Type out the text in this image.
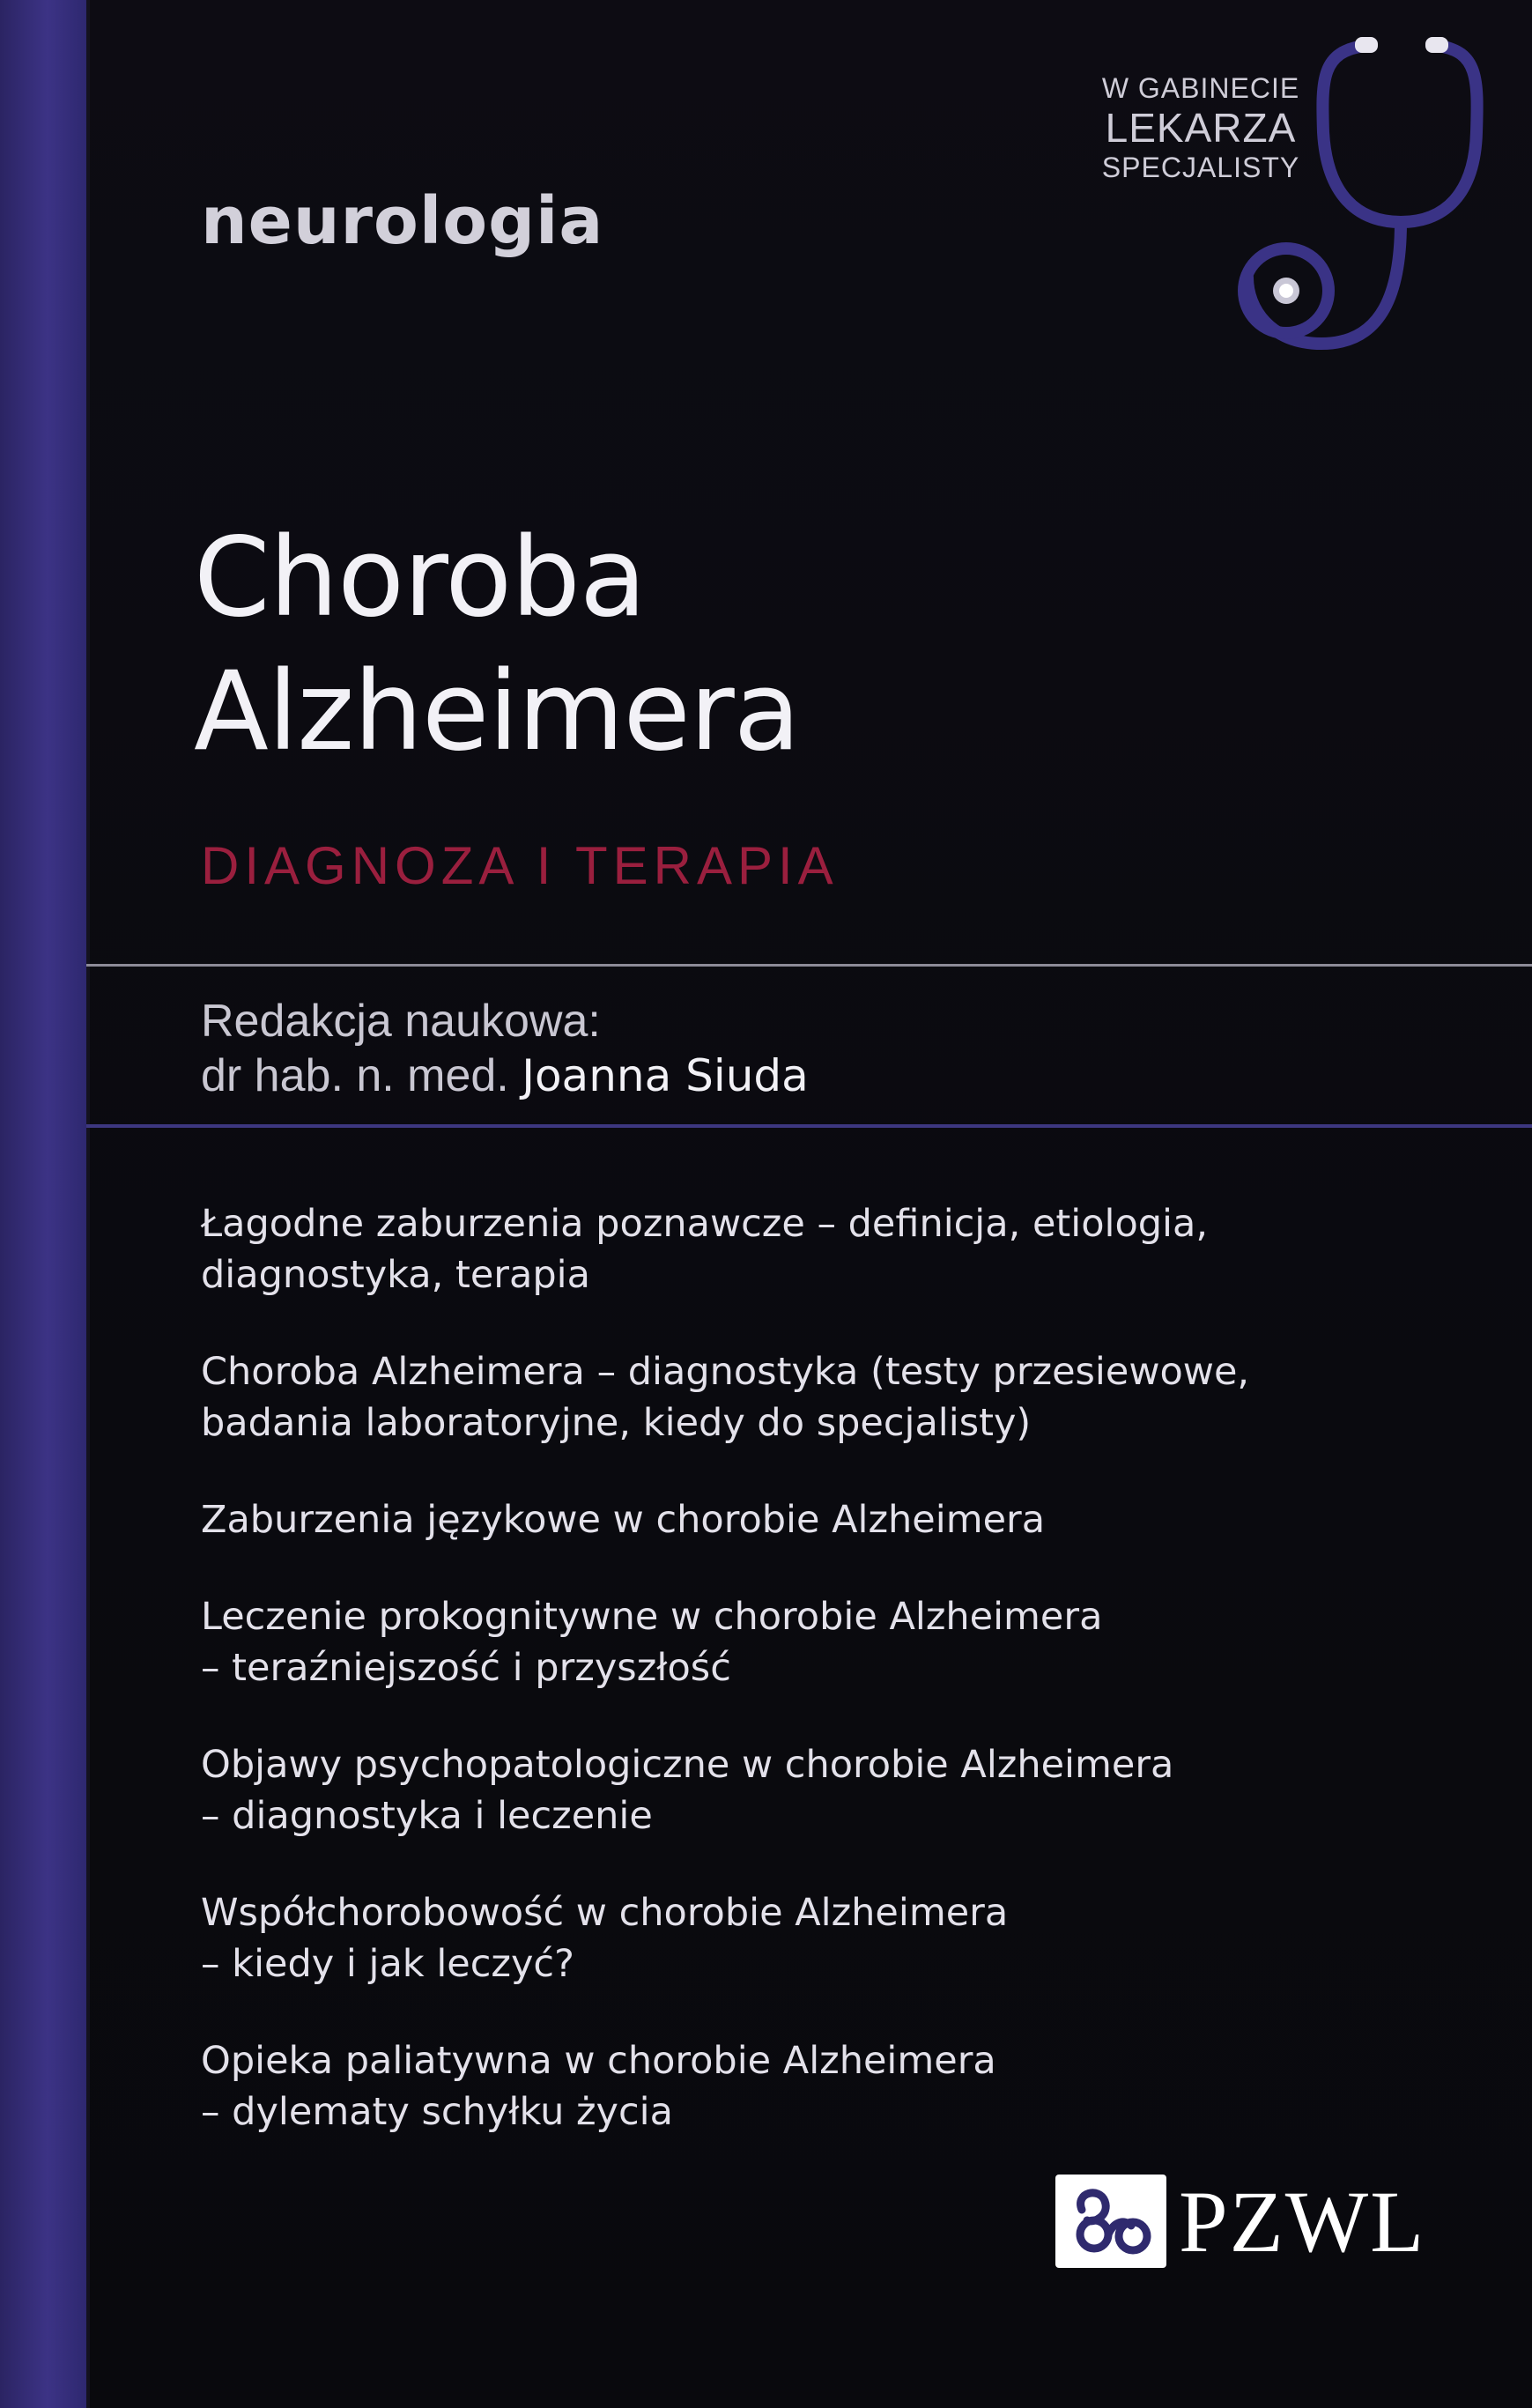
neurologia
W GABINECIE
LEKARZA
SPECJALISTY
Choroba
Alzheimera
DIAGNOZA I TERAPIA
Redakcja naukowa:
dr hab. n. med. Joanna Siuda
Łagodne zaburzenia poznawcze – definicja, etiologia,
diagnostyka, terapia
Choroba Alzheimera – diagnostyka (testy przesiewowe,
badania laboratoryjne, kiedy do specjalisty)
Zaburzenia językowe w chorobie Alzheimera
Leczenie prokognitywne w chorobie Alzheimera
– teraźniejszość i przyszłość
Objawy psychopatologiczne w chorobie Alzheimera
– diagnostyka i leczenie
Współchorobowość w chorobie Alzheimera
– kiedy i jak leczyć?
Opieka paliatywna w chorobie Alzheimera
– dylematy schyłku życia
PZWL
